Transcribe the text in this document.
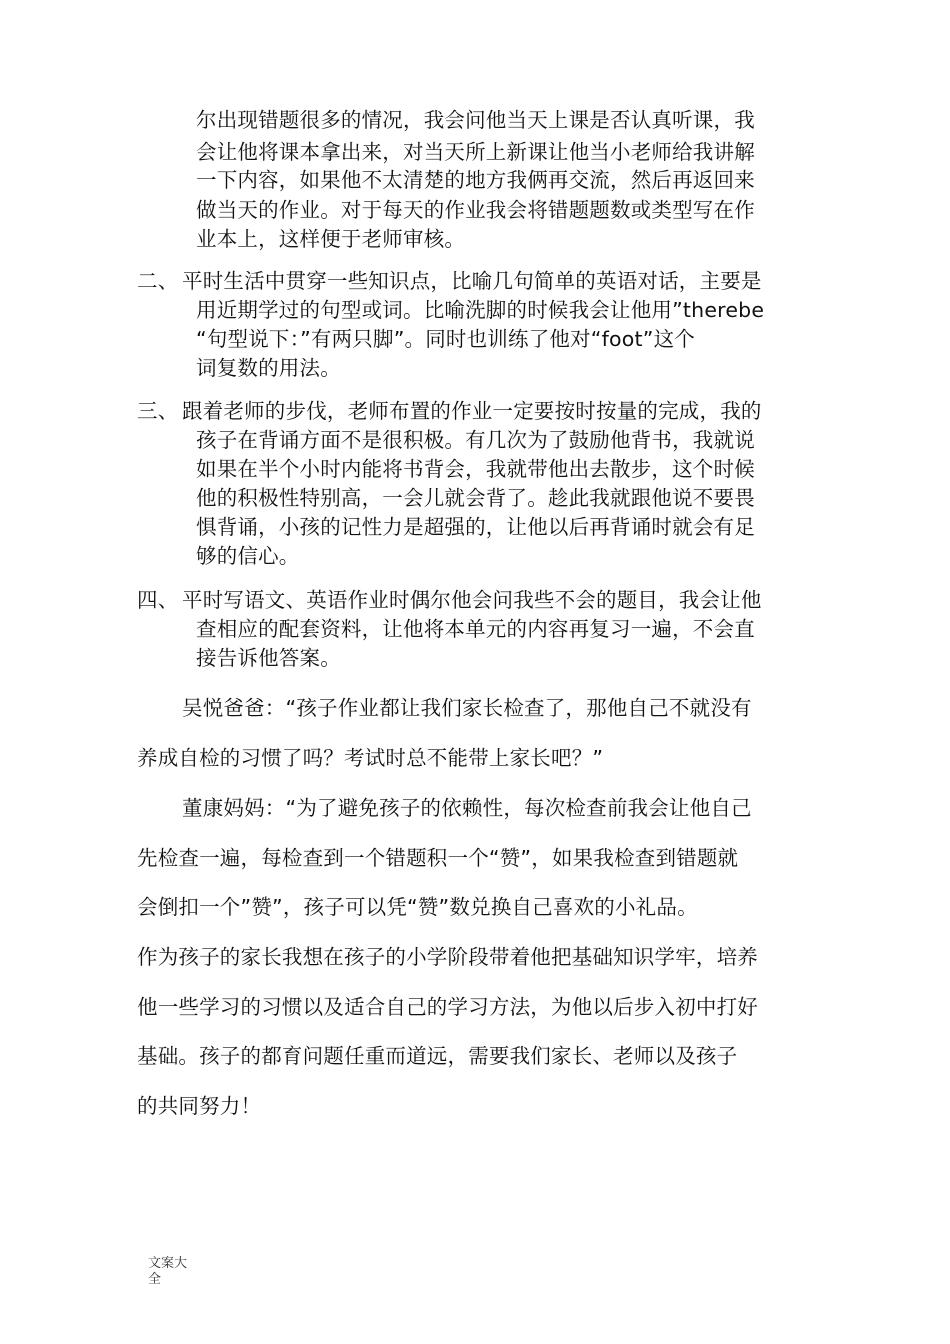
尔出现错题很多的情况，我会问他当天上课是否认真听课，我
会让他将课本拿出来，对当天所上新课让他当小老师给我讲解
一下内容，如果他不太清楚的地方我俩再交流，然后再返回来
做当天的作业。对于每天的作业我会将错题题数或类型写在作
业本上，这样便于老师审核。
二、 平时生活中贯穿一些知识点，比喻几句简单的英语对话，主要是
用近期学过的句型或词。比喻洗脚的时候我会让他用”therebe
“句型说下：”有两只脚”。同时也训练了他对“foot”这个
词复数的用法。
三、 跟着老师的步伐，老师布置的作业一定要按时按量的完成，我的
孩子在背诵方面不是很积极。有几次为了鼓励他背书，我就说
如果在半个小时内能将书背会，我就带他出去散步，这个时候
他的积极性特别高，一会儿就会背了。趁此我就跟他说不要畏
惧背诵，小孩的记性力是超强的，让他以后再背诵时就会有足
够的信心。
四、 平时写语文、英语作业时偶尔他会问我些不会的题目，我会让他
查相应的配套资料，让他将本单元的内容再复习一遍，不会直
接告诉他答案。
吴悦爸爸：“孩子作业都让我们家长检查了，那他自己不就没有
养成自检的习惯了吗？考试时总不能带上家长吧？”
董康妈妈：“为了避免孩子的依赖性，每次检查前我会让他自己
先检查一遍，每检查到一个错题积一个“赞”，如果我检查到错题就
会倒扣一个”赞”，孩子可以凭“赞”数兑换自己喜欢的小礼品。
作为孩子的家长我想在孩子的小学阶段带着他把基础知识学牢，培养
他一些学习的习惯以及适合自己的学习方法，为他以后步入初中打好
基础。孩子的都育问题任重而道远，需要我们家长、老师以及孩子
的共同努力！
文案大全
